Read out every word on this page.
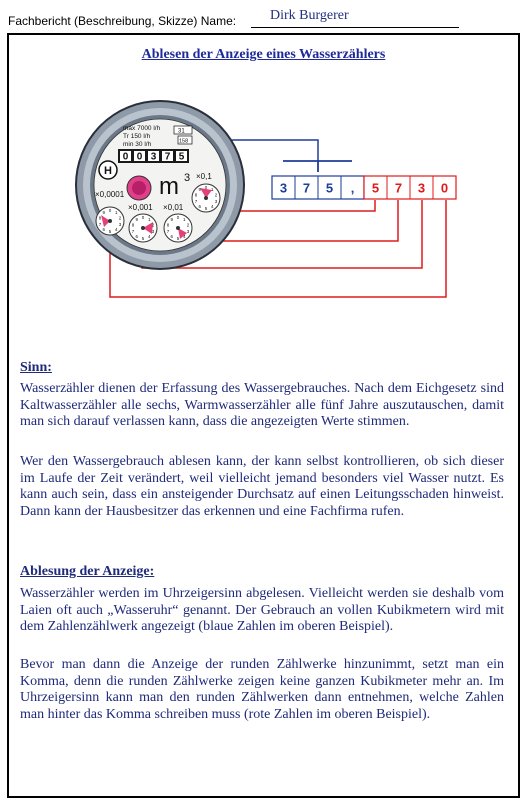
Fachbericht (Beschreibung, Skizze) Name: Dirk Burgerer
Ablesen der Anzeige eines Wasserzählers
max 7000 l/h
Tr 150 l/h
min 30 l/h
31
158
0 0 3 7 5
H
m 3
×0,0001
×0,001 ×0,01
×0,1
0 1
2
3
4
5
6
7
8
9
0 1
2
3
4
5
6
7
8
9	0 1
2
3
4
5
6
7
8
9
0 1
2
3
4
5
6
7
8
9	3 7 5 , 5 7 3 0
Sinn:
Wasserzähler dienen der Erfassung des Wassergebrauches. Nach dem Eichgesetz sind Kaltwasserzähler alle sechs, Warmwasserzähler alle fünf Jahre auszutauschen, damit man sich darauf verlassen kann, dass die angezeigten Werte stimmen.
Wer den Wassergebrauch ablesen kann, der kann selbst kontrollieren, ob sich dieser im Laufe der Zeit verändert, weil vielleicht jemand besonders viel Wasser nutzt. Es kann auch sein, dass ein ansteigender Durchsatz auf einen Leitungsschaden hinweist. Dann kann der Hausbesitzer das erkennen und eine Fachfirma rufen.
Ablesung der Anzeige:
Wasserzähler werden im Uhrzeigersinn abgelesen. Vielleicht werden sie deshalb vom Laien oft auch „Wasseruhr“ genannt. Der Gebrauch an vollen Kubikmetern wird mit dem Zahlenzählwerk angezeigt (blaue Zahlen im oberen Beispiel).
Bevor man dann die Anzeige der runden Zählwerke hinzunimmt, setzt man ein Komma, denn die runden Zählwerke zeigen keine ganzen Kubikmeter mehr an. Im Uhrzeigersinn kann man den runden Zählwerken dann entnehmen, welche Zahlen man hinter das Komma schreiben muss (rote Zahlen im oberen Beispiel).
